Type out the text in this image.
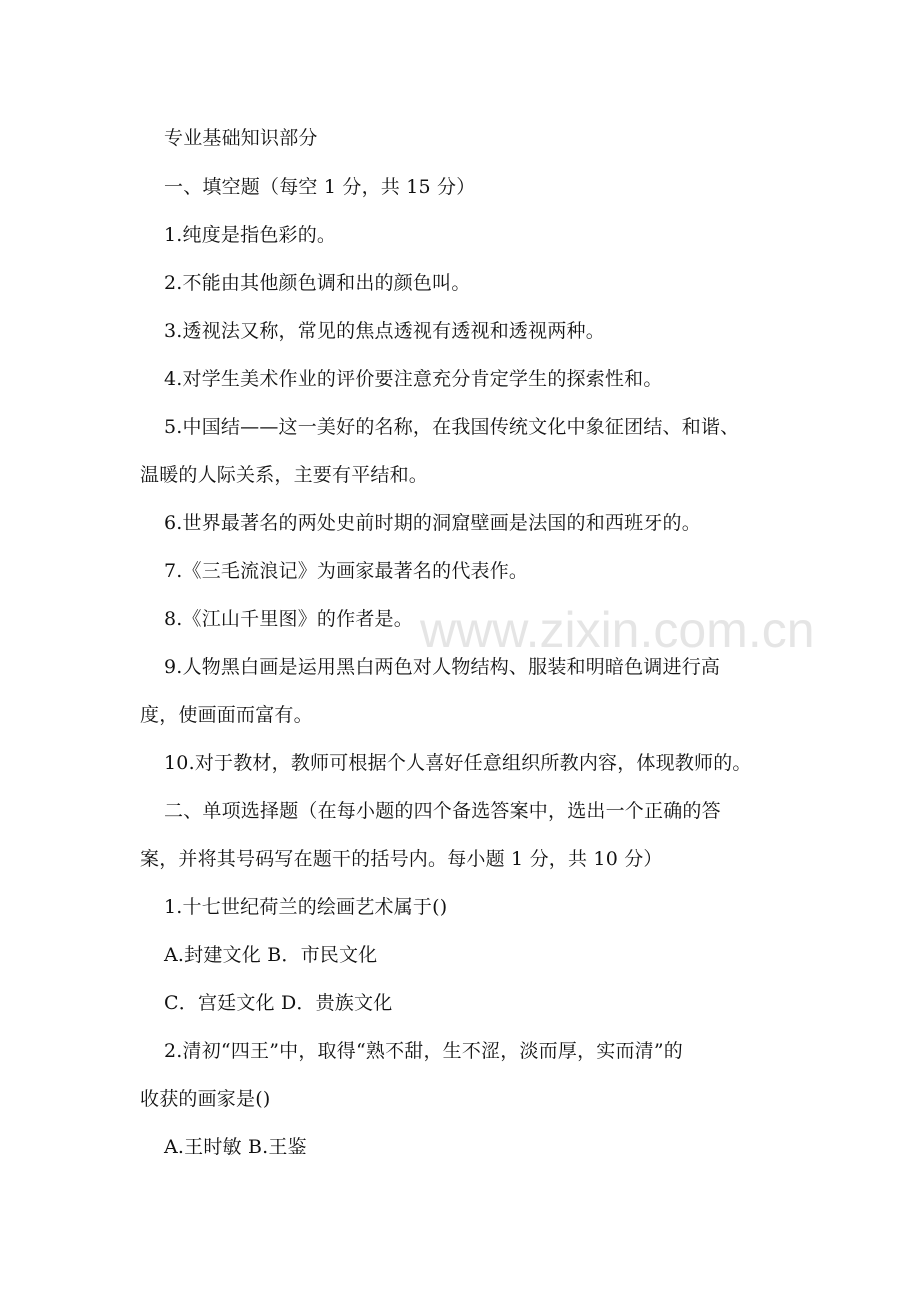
专业基础知识部分
一、填空题（每空 1 分，共 15 分）
1.纯度是指色彩的。
2.不能由其他颜色调和出的颜色叫。
3.透视法又称，常见的焦点透视有透视和透视两种。
4.对学生美术作业的评价要注意充分肯定学生的探索性和。
5.中国结——这一美好的名称，在我国传统文化中象征团结、和谐、
温暖的人际关系，主要有平结和。
6.世界最著名的两处史前时期的洞窟壁画是法国的和西班牙的。
7.《三毛流浪记》为画家最著名的代表作。
8.《江山千里图》的作者是。
9.人物黑白画是运用黑白两色对人物结构、服装和明暗色调进行高
度，使画面而富有。
10.对于教材，教师可根据个人喜好任意组织所教内容，体现教师的。
二、单项选择题（在每小题的四个备选答案中，选出一个正确的答
案，并将其号码写在题干的括号内。每小题 1 分，共 10 分）
1.十七世纪荷兰的绘画艺术属于()
A.封建文化 B．市民文化
C．宫廷文化 D．贵族文化
2.清初“四王”中，取得“熟不甜，生不涩，淡而厚，实而清”的
收获的画家是()
A.王时敏 B.王鉴
www.zixin.com.cn
